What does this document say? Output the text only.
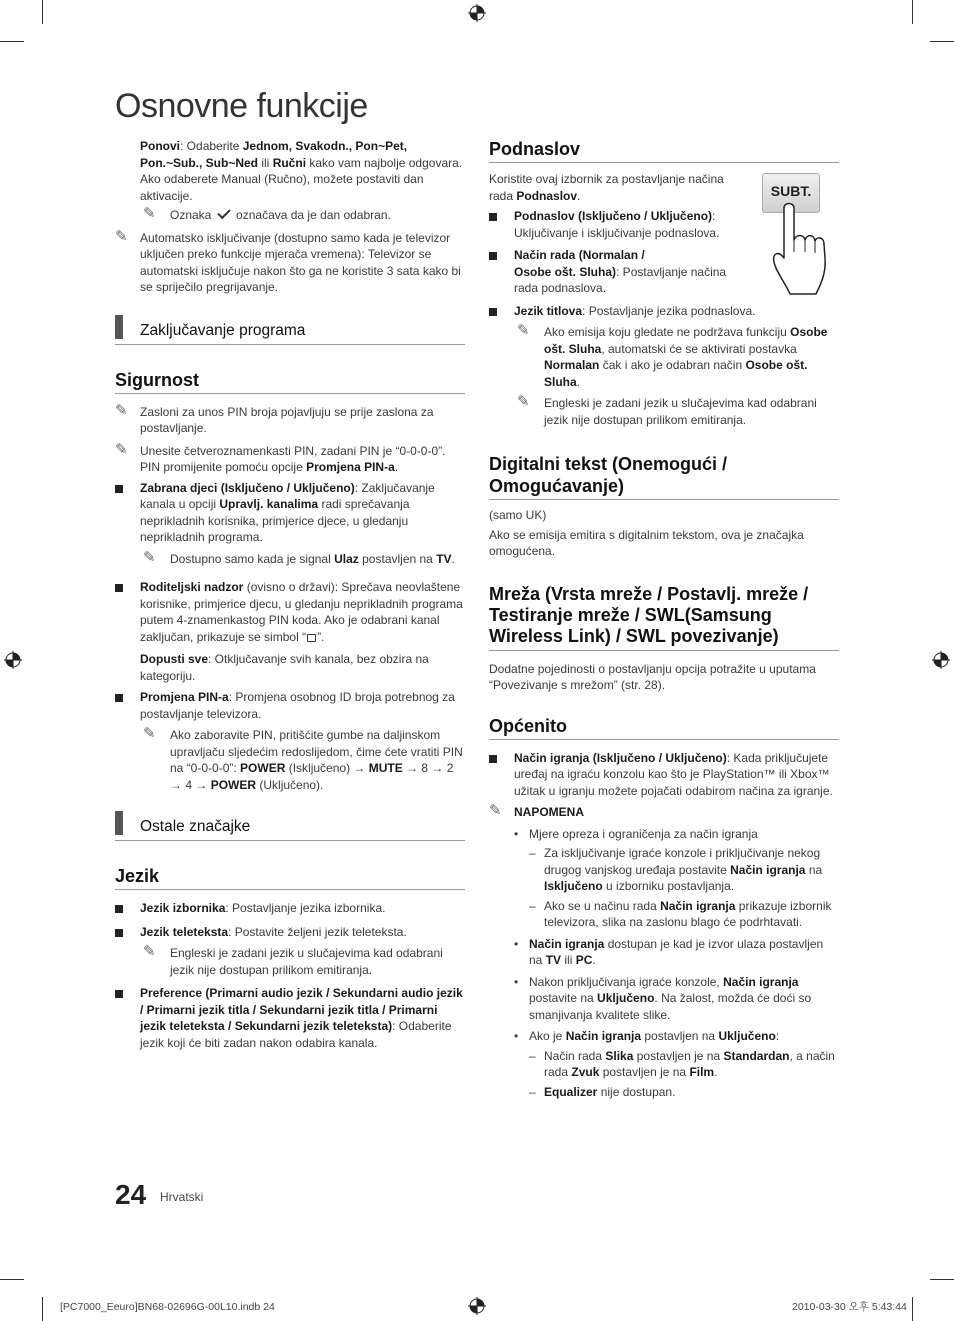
Osnovne funkcije

Ponovi: Odaberite Jednom, Svakodn., Pon~Pet, Pon.~Sub., Sub~Ned ili Ručni kako vam najbolje odgovara. Ako odaberete Manual (Ručno), možete postaviti dan aktivacije.

✎ Oznaka označava da je dan odabran.

✎ Automatsko isključivanje (dostupno samo kada je televizor uključen preko funkcije mjerača vremena): Televizor se automatski isključuje nakon što ga ne koristite 3 sata kako bi se spriječilo pregrijavanje.

Zaključavanje programa
Sigurnost

✎ Zasloni za unos PIN broja pojavljuju se prije zaslona za postavljanje.

✎ Unesite četveroznamenkasti PIN, zadani PIN je “0-0-0-0”. PIN promijenite pomoću opcije Promjena PIN-a.

Zabrana djeci (Isključeno / Uključeno): Zaključavanje kanala u opciji Upravlj. kanalima radi sprečavanja neprikladnih korisnika, primjerice djece, u gledanju neprikladnih programa.

✎ Dostupno samo kada je signal Ulaz postavljen na TV.

Roditeljski nadzor (ovisno o državi): Sprečava neovlaštene korisnike, primjerice djecu, u gledanju neprikladnih programa putem 4-znamenkastog PIN koda. Ako je odabrani kanal zaključan, prikazuje se simbol “ ”.

Dopusti sve: Otključavanje svih kanala, bez obzira na kategoriju.

Promjena PIN-a: Promjena osobnog ID broja potrebnog za postavljanje televizora.

✎ Ako zaboravite PIN, pritišćite gumbe na daljinskom upravljaču sljedećim redoslijedom, čime ćete vratiti PIN na “0-0-0-0”: POWER (Isključeno) → MUTE → 8 → 2 → 4 → POWER (Uključeno).

Ostale značajke
Jezik

Jezik izbornika: Postavljanje jezika izbornika.

Jezik teleteksta: Postavite željeni jezik teleteksta.

✎ Engleski je zadani jezik u slučajevima kad odabrani jezik nije dostupan prilikom emitiranja.

Preference (Primarni audio jezik / Sekundarni audio jezik / Primarni jezik titla / Sekundarni jezik titla / Primarni jezik teleteksta / Sekundarni jezik teleteksta): Odaberite jezik koji će biti zadan nakon odabira kanala.

Podnaslov

Koristite ovaj izbornik za postavljanje načina rada Podnaslov.

Podnaslov (Isključeno / Uključeno): Uključivanje i isključivanje podnaslova.

Način rada (Normalan /
Osobe ošt. Sluha): Postavljanje načina rada podnaslova.

Jezik titlova: Postavljanje jezika podnaslova.

✎ Ako emisija koju gledate ne podržava funkciju Osobe ošt. Sluha, automatski će se aktivirati postavka Normalan čak i ako je odabran način Osobe ošt. Sluha.

✎ Engleski je zadani jezik u slučajevima kad odabrani jezik nije dostupan prilikom emitiranja.

Digitalni tekst (Onemogući / Omogućavanje)

(samo UK)

Ako se emisija emitira s digitalnim tekstom, ova je značajka omogućena.

Mreža (Vrsta mreže / Postavlj. mreže / Testiranje mreže / SWL(Samsung Wireless Link) / SWL povezivanje)

Dodatne pojedinosti o postavljanju opcija potražite u uputama “Povezivanje s mrežom” (str. 28).

Općenito

Način igranja (Isključeno / Uključeno): Kada priključujete uređaj na igraću konzolu kao što je PlayStation™ ili Xbox™ užitak u igranju možete pojačati odabirom načina za igranje.

✎ NAPOMENA

• Mjere opreza i ograničenja za način igranja

– Za isključivanje igraće konzole i priključivanje nekog drugog vanjskog uređaja postavite Način igranja na Isključeno u izborniku postavljanja.

– Ako se u načinu rada Način igranja prikazuje izbornik televizora, slika na zaslonu blago će podrhtavati.

• Način igranja dostupan je kad je izvor ulaza postavljen na TV ili PC.

• Nakon priključivanja igraće konzole, Način igranja postavite na Uključeno. Na žalost, možda će doći so smanjivanja kvalitete slike.

• Ako je Način igranja postavljen na Uključeno:

– Način rada Slika postavljen je na Standardan, a način rada Zvuk postavljen je na Film.

– Equalizer nije dostupan.

SUBT.
24 Hrvatski
[PC7000_Eeuro]BN68-02696G-00L10.indb 24	2010-03-30 오후 5:43:44
